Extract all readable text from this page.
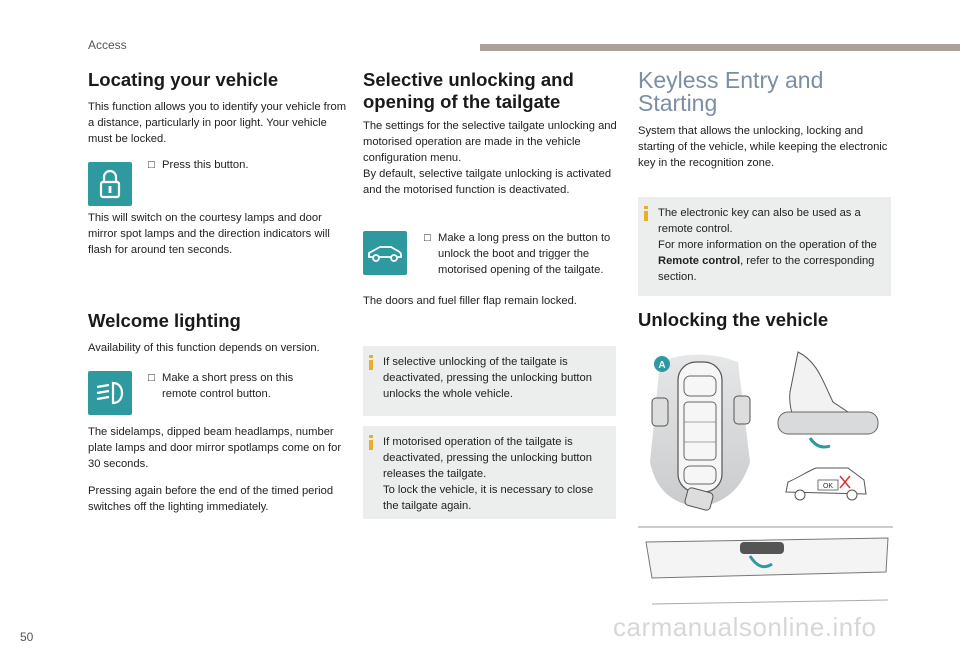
Access
Locating your vehicle

This function allows you to identify your vehicle from a distance, particularly in poor light. Your vehicle must be locked.

□ Press this button.

This will switch on the courtesy lamps and door mirror spot lamps and the direction indicators will flash for around ten seconds.

Welcome lighting

Availability of this function depends on version.

□ Make a short press on this remote control button.

The sidelamps, dipped beam headlamps, number plate lamps and door mirror spotlamps come on for 30 seconds.

Pressing again before the end of the timed period switches off the lighting immediately.

Selective unlocking and opening of the tailgate

The settings for the selective tailgate unlocking and motorised operation are made in the vehicle configuration menu.
By default, selective tailgate unlocking is activated and the motorised function is deactivated.

□ Make a long press on the button to unlock the boot and trigger the motorised opening of the tailgate.

The doors and fuel filler flap remain locked.

If selective unlocking of the tailgate is deactivated, pressing the unlocking button unlocks the whole vehicle.
If motorised operation of the tailgate is deactivated, pressing the unlocking button releases the tailgate.
To lock the vehicle, it is necessary to close the tailgate again.
Keyless Entry and Starting

System that allows the unlocking, locking and starting of the vehicle, while keeping the electronic key in the recognition zone.

The electronic key can also be used as a remote control.
For more information on the operation of the Remote control, refer to the corresponding section.
Unlocking the vehicle
A
OK
50	carmanualsonline.info
